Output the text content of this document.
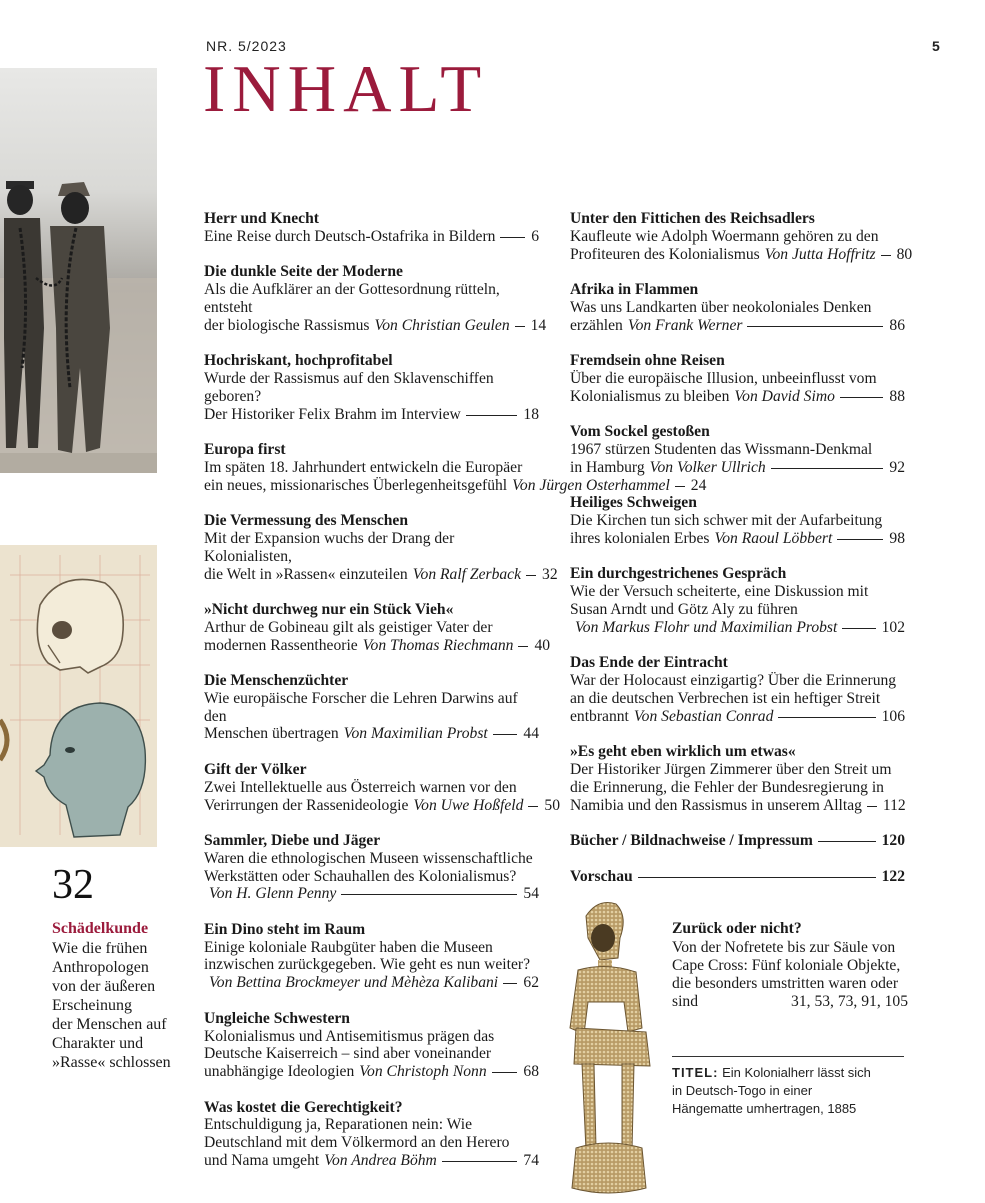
NR. 5/2023	5
INHALT
Herr und Knecht
Eine Reise durch Deutsch-Ostafrika in Bildern 6
Die dunkle Seite der Moderne
Als die Aufklärer an der Gottesordnung rütteln, entsteht
der biologische Rassismus Von Christian Geulen 14
Hochriskant, hochprofitabel
Wurde der Rassismus auf den Sklavenschiffen geboren?
Der Historiker Felix Brahm im Interview	18
Europa first
Im späten 18. Jahrhundert entwickeln die Europäer
ein neues, missionarisches Überlegenheitsgefühl Von Jürgen Osterhammel 24
Die Vermessung des Menschen
Mit der Expansion wuchs der Drang der Kolonialisten,
die Welt in »Rassen« einzuteilen Von Ralf Zerback 32
»Nicht durchweg nur ein Stück Vieh«
Arthur de Gobineau gilt als geistiger Vater der
modernen Rassentheorie Von Thomas Riechmann 40
Die Menschenzüchter
Wie europäische Forscher die Lehren Darwins auf den
Menschen übertragen Von Maximilian Probst 44
Gift der Völker
Zwei Intellektuelle aus Österreich warnen vor den
Verirrungen der Rassenideologie Von Uwe Hoßfeld 50
Sammler, Diebe und Jäger
Waren die ethnologischen Museen wissenschaftliche
Werkstätten oder Schauhallen des Kolonialismus?
Von H. Glenn Penny	54
Ein Dino steht im Raum
Einige koloniale Raubgüter haben die Museen
inzwischen zurückgegeben. Wie geht es nun weiter?
Von Bettina Brockmeyer und Mèhèza Kalibani 62
Ungleiche Schwestern
Kolonialismus und Antisemitismus prägen das
Deutsche Kaiserreich – sind aber voneinander
unabhängige Ideologien Von Christoph Nonn 68
Was kostet die Gerechtigkeit?
Entschuldigung ja, Reparationen nein: Wie
Deutschland mit dem Völkermord an den Herero
und Nama umgeht Von Andrea Böhm	74
Unter den Fittichen des Reichsadlers
Kaufleute wie Adolph Woermann gehören zu den
Profiteuren des Kolonialismus Von Jutta Hoffritz 80
Afrika in Flammen
Was uns Landkarten über neokoloniales Denken
erzählen Von Frank Werner	86
Fremdsein ohne Reisen
Über die europäische Illusion, unbeeinflusst vom
Kolonialismus zu bleiben Von David Simo	88
Vom Sockel gestoßen
1967 stürzen Studenten das Wissmann-Denkmal
in Hamburg Von Volker Ullrich	92
Heiliges Schweigen
Die Kirchen tun sich schwer mit der Aufarbeitung
ihres kolonialen Erbes Von Raoul Löbbert	98
Ein durchgestrichenes Gespräch
Wie der Versuch scheiterte, eine Diskussion mit
Susan Arndt und Götz Aly zu führen
Von Markus Flohr und Maximilian Probst	102
Das Ende der Eintracht
War der Holocaust einzigartig? Über die Erinnerung
an die deutschen Verbrechen ist ein heftiger Streit
entbrannt Von Sebastian Conrad	106
»Es geht eben wirklich um etwas«
Der Historiker Jürgen Zimmerer über den Streit um
die Erinnerung, die Fehler der Bundesregierung in
Namibia und den Rassismus in unserem Alltag 112
Bücher / Bildnachweise / Impressum	120
Vorschau	122
32
Schädelkunde
Wie die frühen
Anthropologen
von der äußeren
Erscheinung
der Menschen auf
Charakter und
»Rasse« schlossen
Zurück oder nicht?
Von der Nofretete bis zur Säule von
Cape Cross: Fünf koloniale Objekte,
die besonders umstritten waren oder
sind	31, 53, 73, 91, 105
TITEL: Ein Kolonialherr lässt sich
in Deutsch-Togo in einer
Hängematte umhertragen, 1885
